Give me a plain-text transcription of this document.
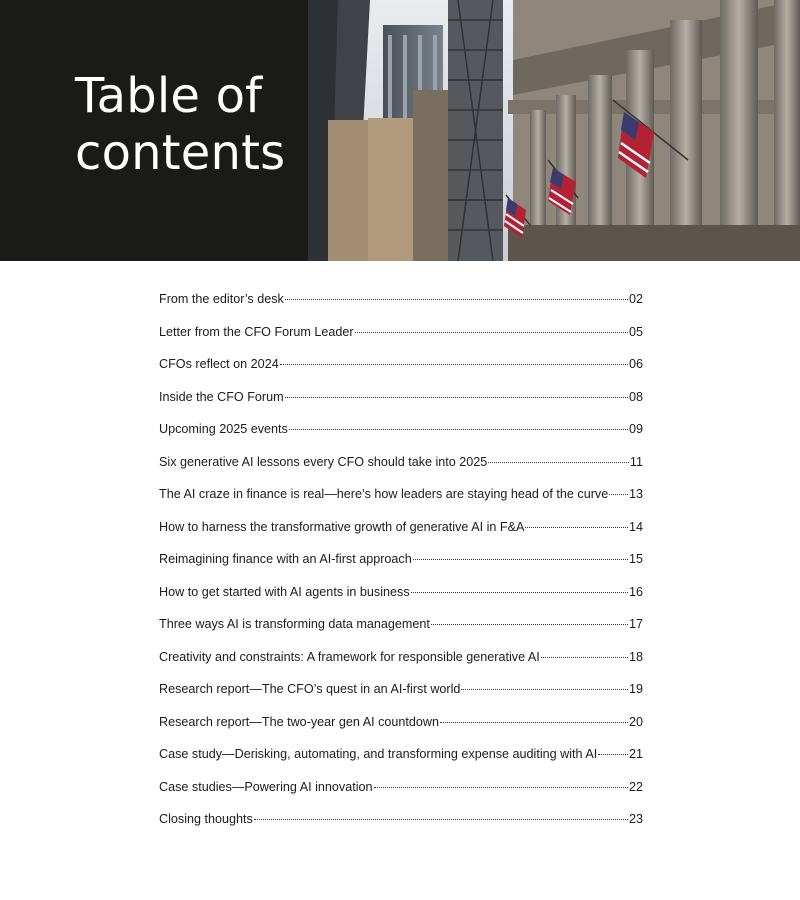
Table of
contents
From the editor’s desk	02
Letter from the CFO Forum Leader	05
CFOs reflect on 2024	06
Inside the CFO Forum	08
Upcoming 2025 events	09
Six generative AI lessons every CFO should take into 2025	11
The AI craze in finance is real—here’s how leaders are staying head of the curve 13
How to harness the transformative growth of generative AI in F&A	14
Reimagining finance with an AI-first approach	15
How to get started with AI agents in business	16
Three ways AI is transforming data management	17
Creativity and constraints: A framework for responsible generative AI	18
Research report—The CFO’s quest in an AI-first world	19
Research report—The two-year gen AI countdown	20
Case study—Derisking, automating, and transforming expense auditing with AI	21
Case studies—Powering AI innovation	22
Closing thoughts	23
